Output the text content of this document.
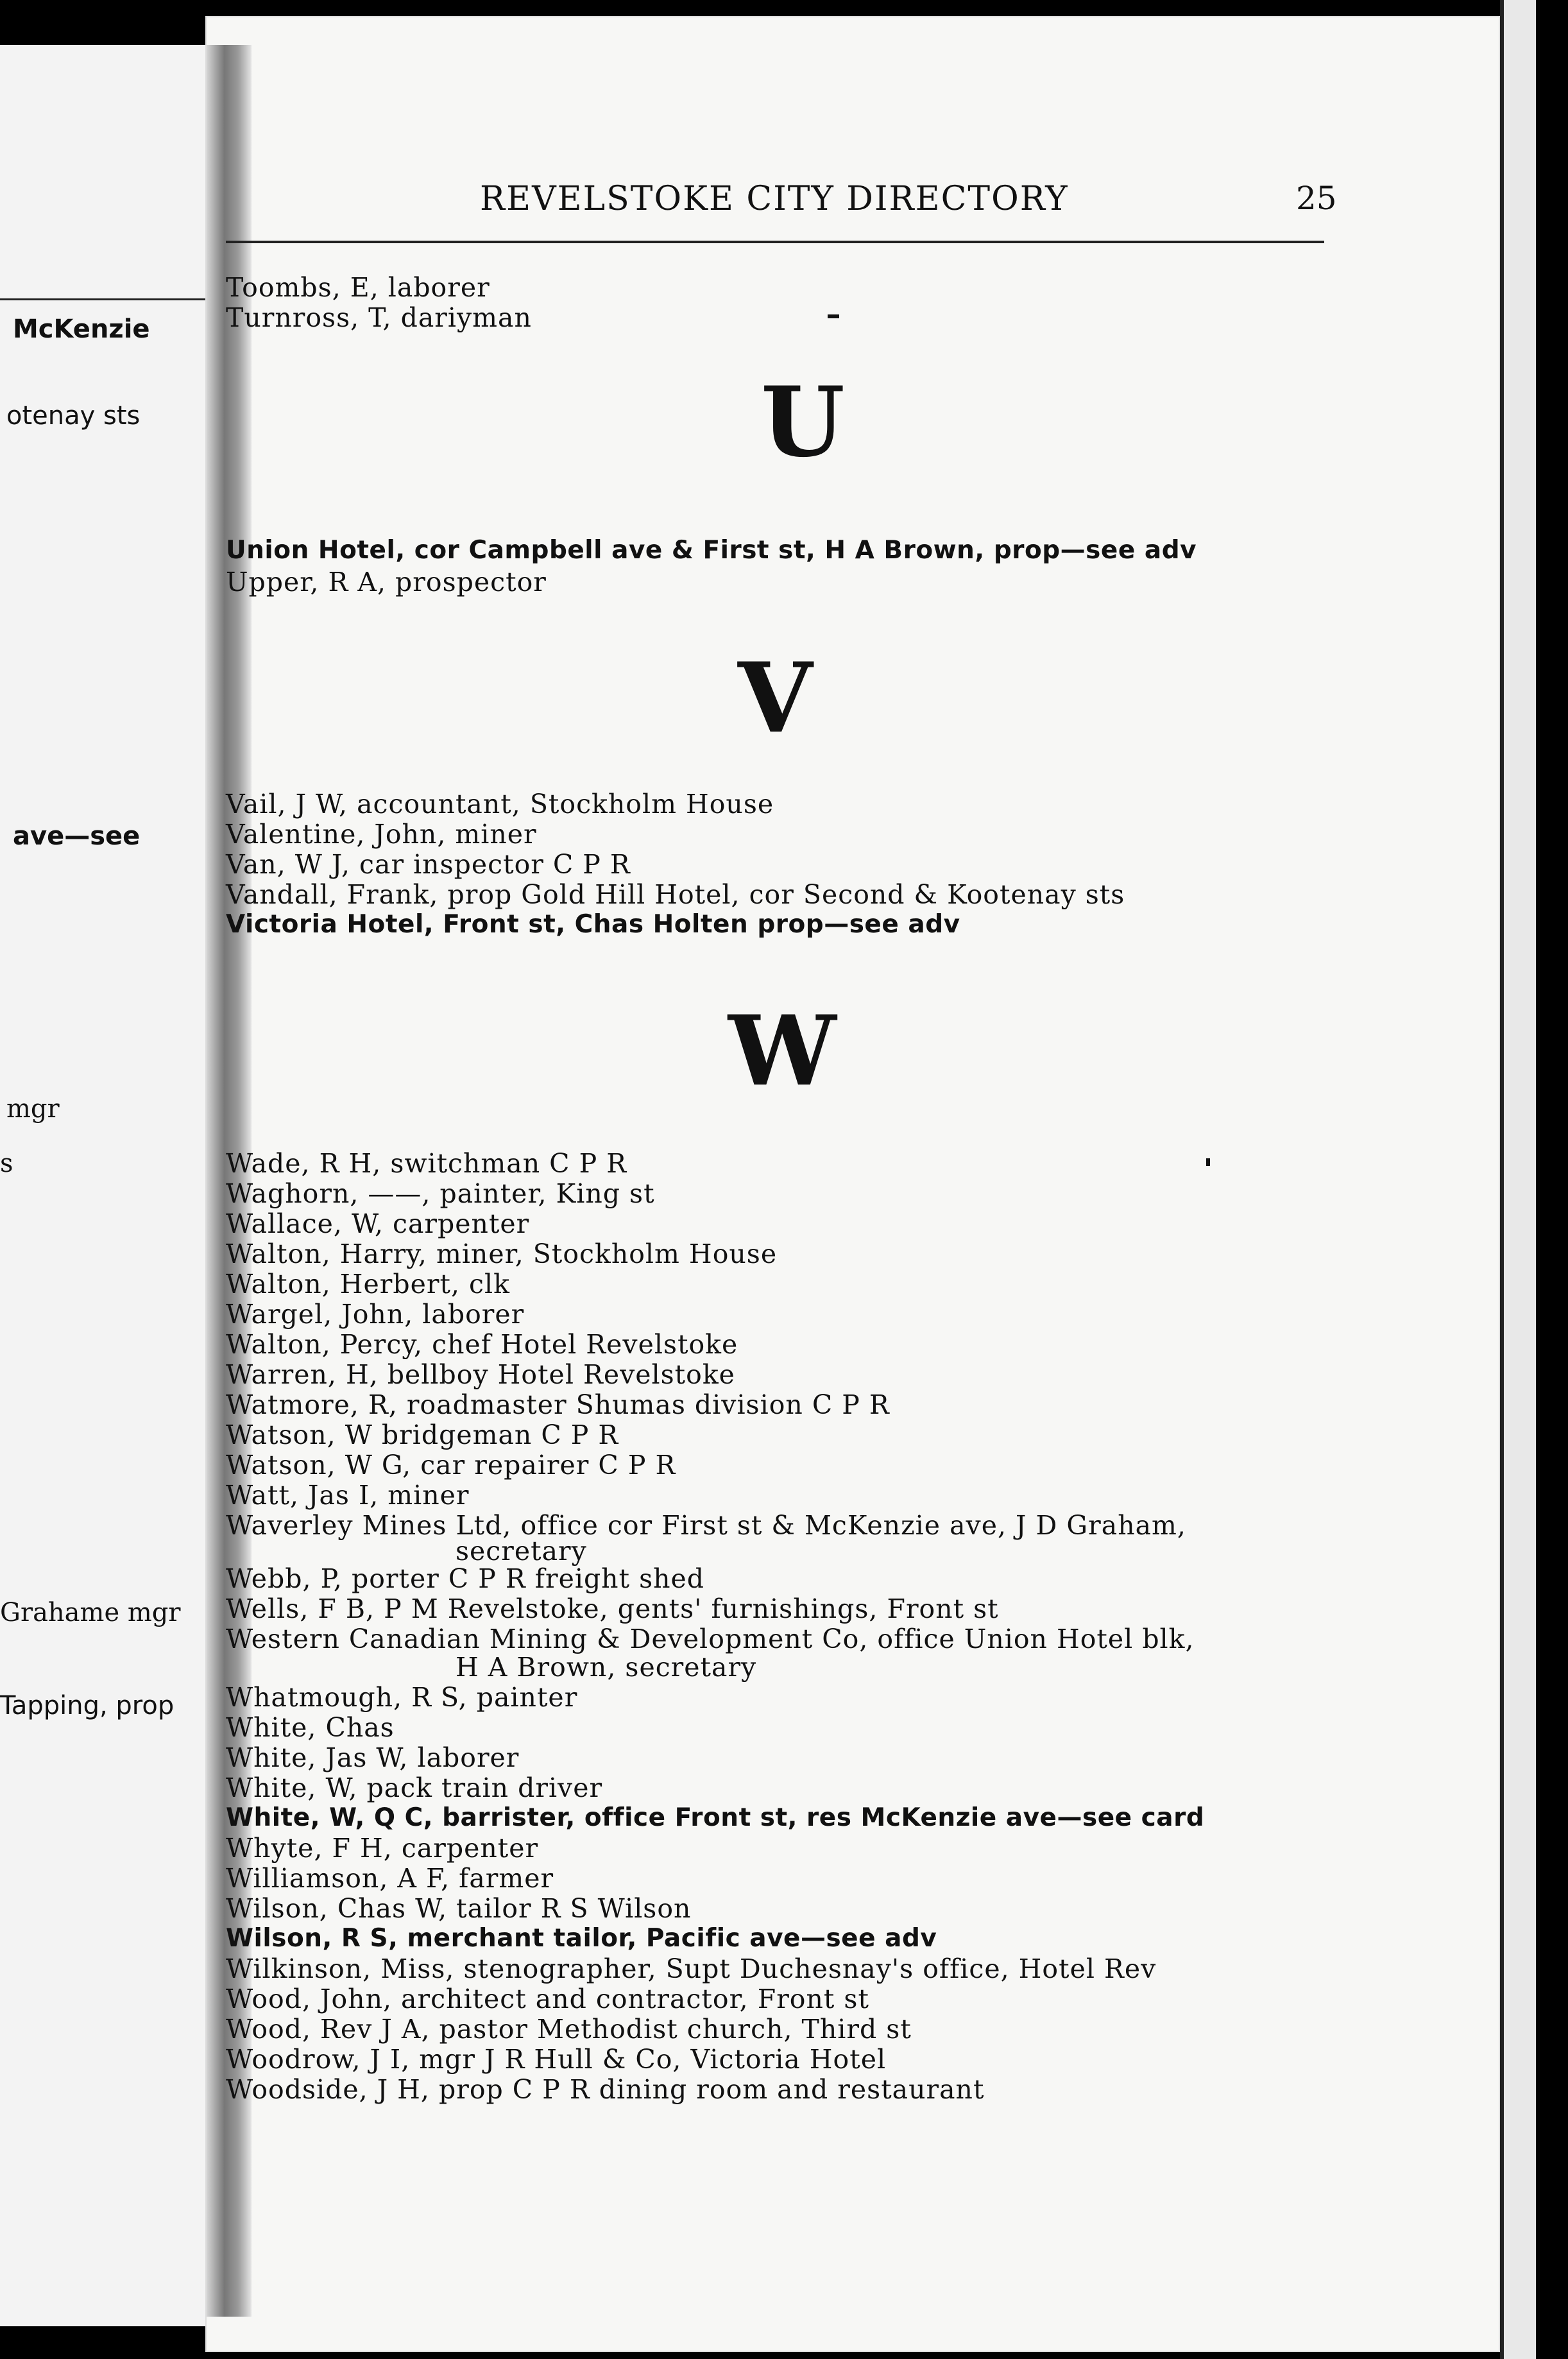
McKenzie
otenay sts
ave—see
mgr
s
Grahame mgr
Tapping, prop
REVELSTOKE CITY DIRECTORY	25
Toombs, E, laborer
Turnross, T, dariyman
U
Union Hotel, cor Campbell ave & First st, H A Brown, prop—see adv
Upper, R A, prospector
V
Vail, J W, accountant, Stockholm House
Valentine, John, miner
Van, W J, car inspector C P R
Vandall, Frank, prop Gold Hill Hotel, cor Second & Kootenay sts
Victoria Hotel, Front st, Chas Holten prop—see adv
W
Wade, R H, switchman C P R
Waghorn, ——, painter, King st
Wallace, W, carpenter
Walton, Harry, miner, Stockholm House
Walton, Herbert, clk
Wargel, John, laborer
Walton, Percy, chef Hotel Revelstoke
Warren, H, bellboy Hotel Revelstoke
Watmore, R, roadmaster Shumas division C P R
Watson, W bridgeman C P R
Watson, W G, car repairer C P R
Watt, Jas I, miner
Waverley Mines Ltd, office cor First st & McKenzie ave, J D Graham,
secretary
Webb, P, porter C P R freight shed
Wells, F B, P M Revelstoke, gents' furnishings, Front st
Western Canadian Mining & Development Co, office Union Hotel blk,
H A Brown, secretary
Whatmough, R S, painter
White, Chas
White, Jas W, laborer
White, W, pack train driver
White, W, Q C, barrister, office Front st, res McKenzie ave—see card
Whyte, F H, carpenter
Williamson, A F, farmer
Wilson, Chas W, tailor R S Wilson
Wilson, R S, merchant tailor, Pacific ave—see adv
Wilkinson, Miss, stenographer, Supt Duchesnay's office, Hotel Rev
Wood, John, architect and contractor, Front st
Wood, Rev J A, pastor Methodist church, Third st
Woodrow, J I, mgr J R Hull & Co, Victoria Hotel
Woodside, J H, prop C P R dining room and restaurant
